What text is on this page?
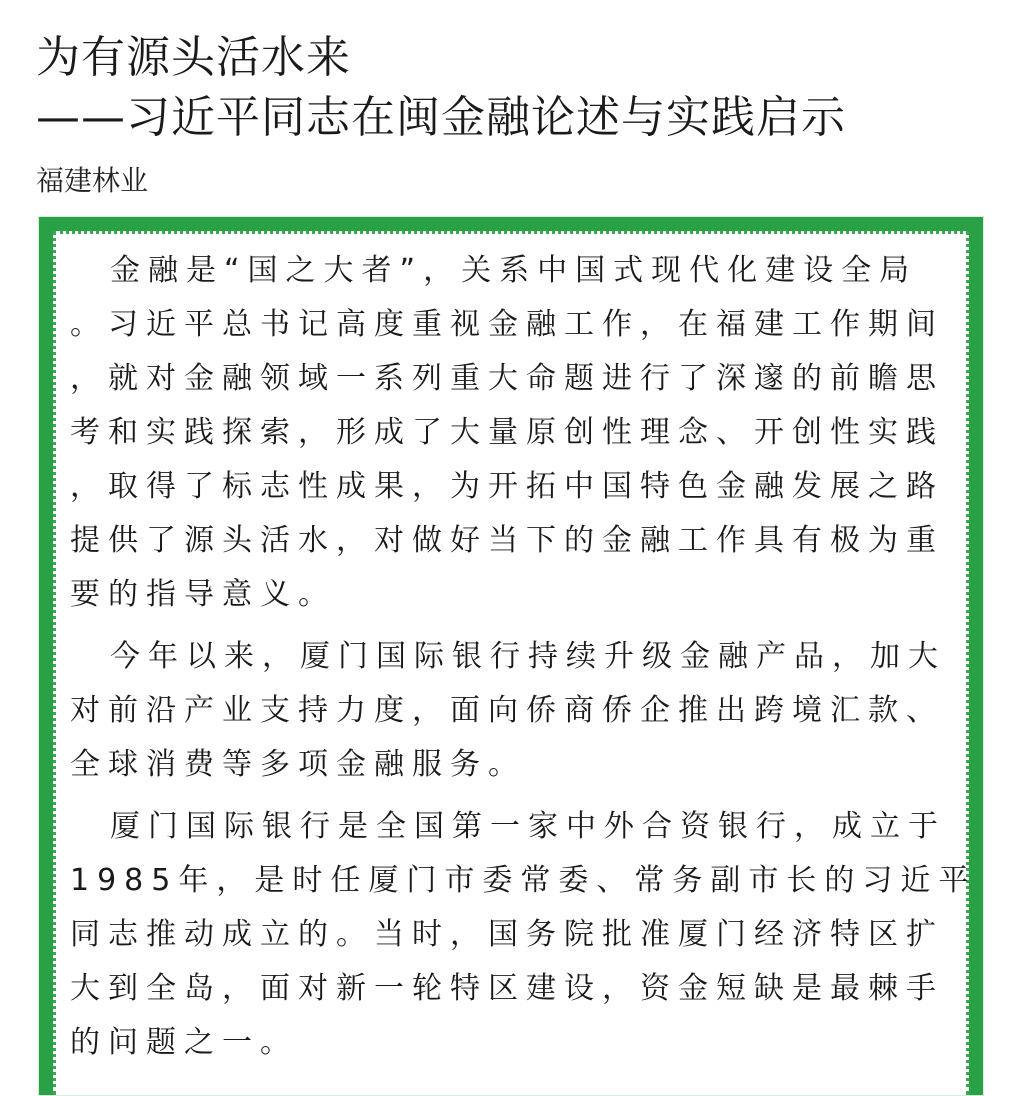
为有源头活水来
——习近平同志在闽金融论述与实践启示
福建林业

金融是“国之大者”，关系中国式现代化建设全局
。习近平总书记高度重视金融工作，在福建工作期间
，就对金融领域一系列重大命题进行了深邃的前瞻思
考和实践探索，形成了大量原创性理念、开创性实践
，取得了标志性成果，为开拓中国特色金融发展之路
提供了源头活水，对做好当下的金融工作具有极为重
要的指导意义。

今年以来，厦门国际银行持续升级金融产品，加大
对前沿产业支持力度，面向侨商侨企推出跨境汇款、
全球消费等多项金融服务。

厦门国际银行是全国第一家中外合资银行，成立于
1985年，是时任厦门市委常委、常务副市长的习近平
同志推动成立的。当时，国务院批准厦门经济特区扩
大到全岛，面对新一轮特区建设，资金短缺是最棘手
的问题之一。
